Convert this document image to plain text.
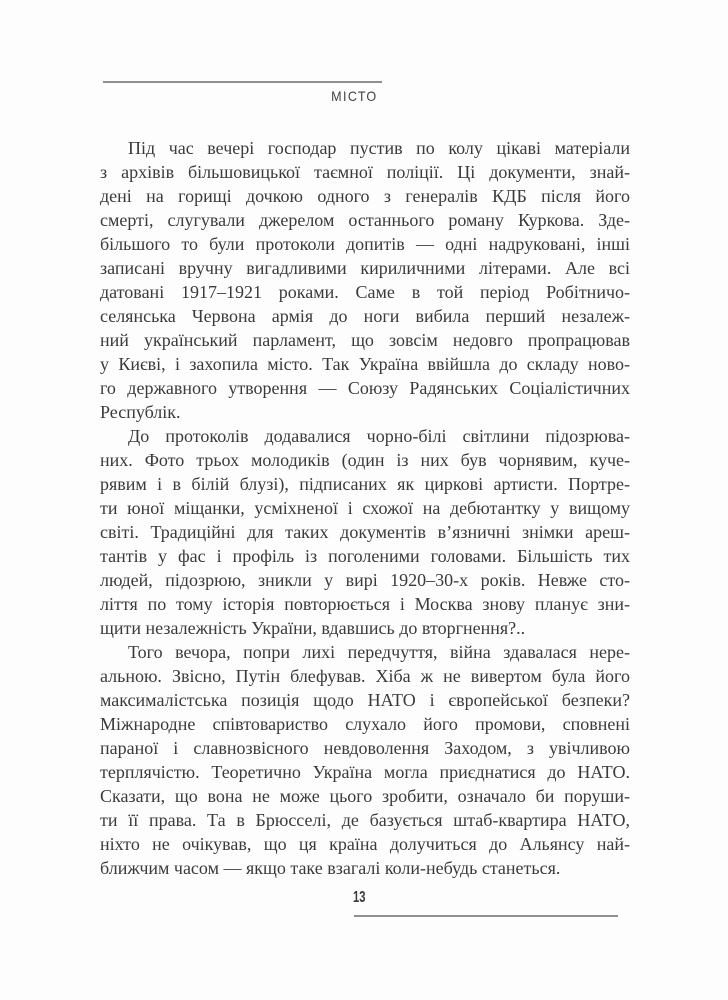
МІСТО
Під час вечері господар пустив по колу цікаві матеріали
з архівів більшовицької таємної поліції. Ці документи, знай-
дені на горищі дочкою одного з генералів КДБ після його
смерті, слугували джерелом останнього роману Куркова. Зде-
більшого то були протоколи допитів — одні надруковані, інші
записані вручну вигадливими кириличними літерами. Але всі
датовані 1917–1921 роками. Саме в той період Робітничо-
селянська Червона армія до ноги вибила перший незалеж-
ний український парламент, що зовсім недовго пропрацював
у Києві, і захопила місто. Так Україна ввійшла до складу ново-
го державного утворення — Союзу Радянських Соціалістичних
Республік.
До протоколів додавалися чорно-білі світлини підозрюва-
них. Фото трьох молодиків (один із них був чорнявим, куче-
рявим і в білій блузі), підписаних як циркові артисти. Портре-
ти юної міщанки, усміхненої і схожої на дебютантку у вищому
світі. Традиційні для таких документів в’язничні знімки ареш-
тантів у фас і профіль із поголеними головами. Більшість тих
людей, підозрюю, зникли у вирі 1920–30-х років. Невже сто-
ліття по тому історія повторюється і Москва знову планує зни-
щити незалежність України, вдавшись до вторгнення?..
Того вечора, попри лихі передчуття, війна здавалася нере-
альною. Звісно, Путін блефував. Хіба ж не вивертом була його
максималістська позиція щодо НАТО і європейської безпеки?
Міжнародне співтовариство слухало його промови, сповнені
параної і славнозвісного невдоволення Заходом, з увічливою
терплячістю. Теоретично Україна могла приєднатися до НАТО.
Сказати, що вона не може цього зробити, означало би поруши-
ти її права. Та в Брюсселі, де базується штаб-квартира НАТО,
ніхто не очікував, що ця країна долучиться до Альянсу най-
ближчим часом — якщо таке взагалі коли-небудь станеться.
13
